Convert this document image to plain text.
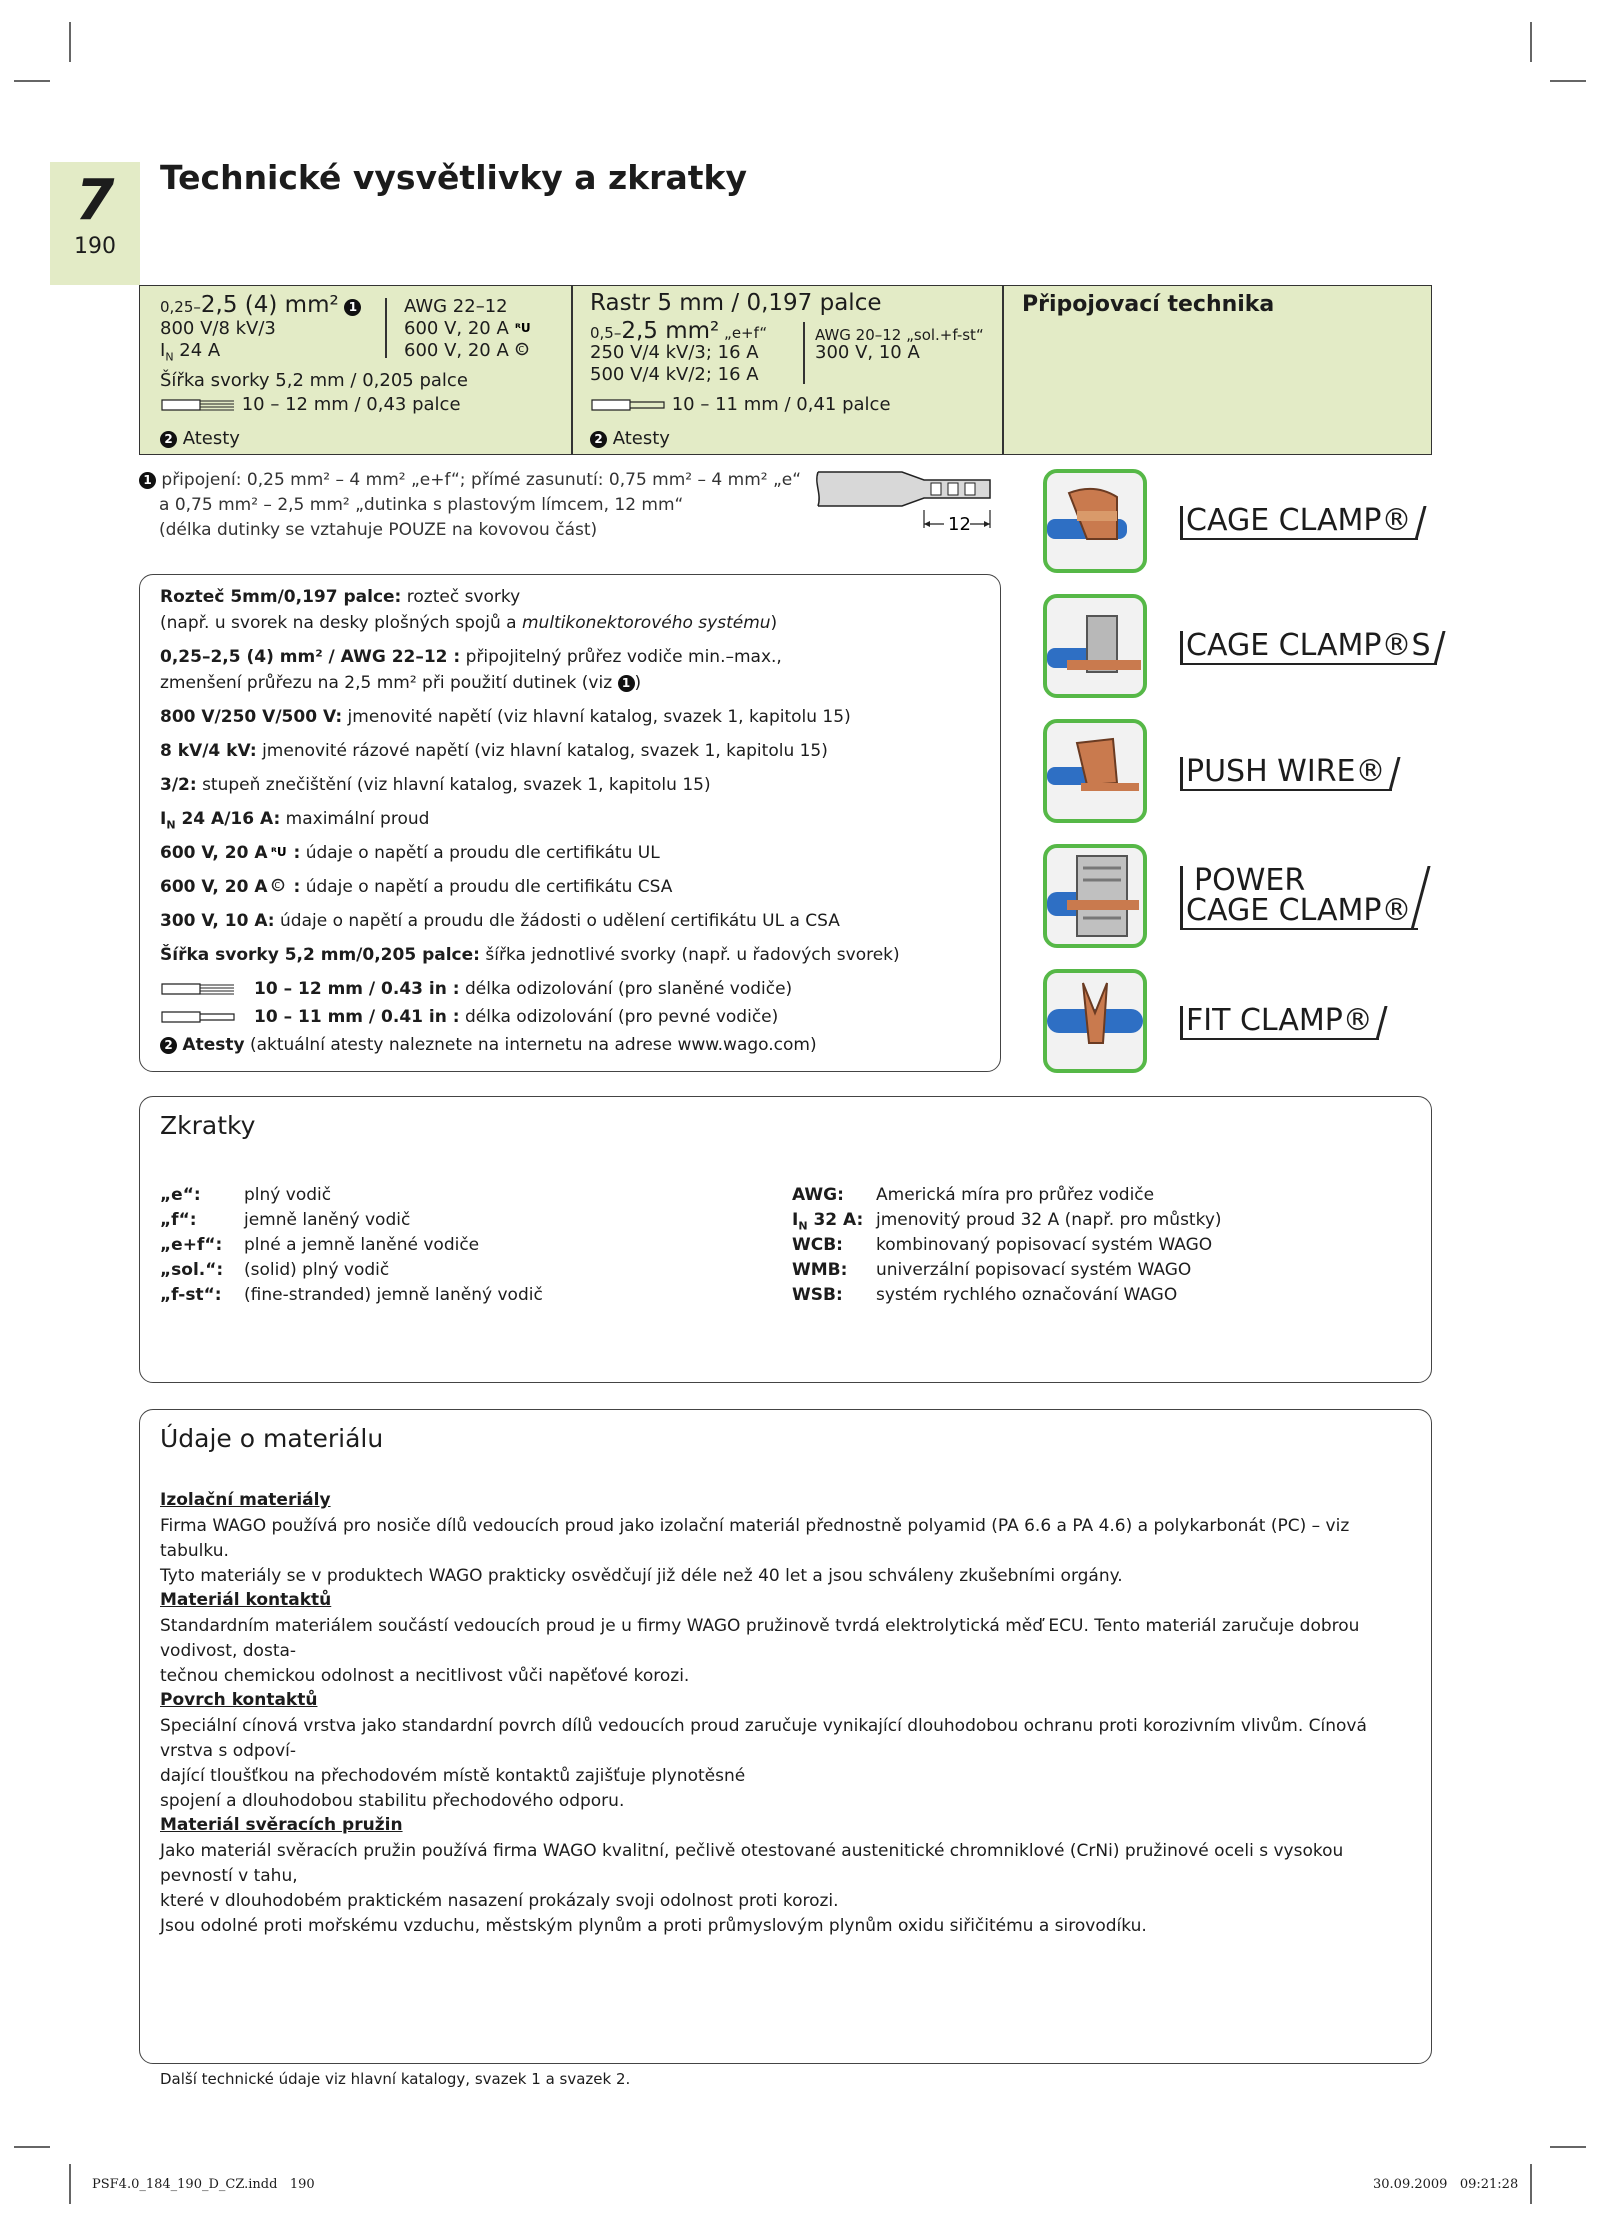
7
190
Technické vysvětlivky a zkratky
0,25–2,5 (4) mm² 1
800 V/8 kV/3
$I_N$ 24 A
AWG 22–12
600 V, 20 A ᴿU
600 V, 20 A C
Šířka svorky 5,2 mm / 0,205 palce
10 – 12 mm / 0,43 palce
2 Atesty
Rastr 5 mm / 0,197 palce
0,5–2,5 mm² „e+f“
250 V/4 kV/3; 16 A
500 V/4 kV/2; 16 A
AWG 20–12 „sol.+f-st“
300 V, 10 A
10 – 11 mm / 0,41 palce
2 Atesty
Připojovací technika
1 připojení: 0,25 mm² – 4 mm² „e+f“; přímé zasunutí: 0,75 mm² – 4 mm² „e“
a 0,75 mm² – 2,5 mm² „dutinka s plastovým límcem, 12 mm“
(délka dutinky se vztahuje POUZE na kovovou část)	12
Rozteč 5mm/0,197 palce: rozteč svorky
(např. u svorek na desky plošných spojů a multikonektorového systému)
0,25–2,5 (4) mm² / AWG 22–12 : připojitelný průřez vodiče min.–max.,
zmenšení průřezu na 2,5 mm² při použití dutinek (viz 1 )
800 V/250 V/500 V: jmenovité napětí (viz hlavní katalog, svazek 1, kapitolu 15)
8 kV/4 kV: jmenovité rázové napětí (viz hlavní katalog, svazek 1, kapitolu 15)
3/2: stupeň znečištění (viz hlavní katalog, svazek 1, kapitolu 15)
$I_N$ 24 A/16 A: maximální proud
600 V, 20 A ᴿU : údaje o napětí a proudu dle certifikátu UL
600 V, 20 A C : údaje o napětí a proudu dle certifikátu CSA
300 V, 10 A: údaje o napětí a proudu dle žádosti o udělení certifikátu UL a CSA
Šířka svorky 5,2 mm/0,205 palce: šířka jednotlivé svorky (např. u řadových svorek)
10 – 12 mm / 0.43 in : délka odizolování (pro slaněné vodiče)
10 – 11 mm / 0.41 in : délka odizolování (pro pevné vodiče)
2 Atesty (aktuální atesty naleznete na internetu na adrese www.wago.com)
CAGE CLAMP®
CAGE CLAMP®S
PUSH WIRE®
POWER
CAGE CLAMP®
FIT CLAMP®
Zkratky
„e“:	plný vodič
„f“:	jemně laněný vodič
„e+f“: plné a jemně laněné vodiče
„sol.“: (solid) plný vodič
„f-st“: (fine-stranded) jemně laněný vodič
AWG: Americká míra pro průřez vodiče
$I_N$ 32 A: jmenovitý proud 32 A (např. pro můstky)
WCB: kombinovaný popisovací systém WAGO
WMB: univerzální popisovací systém WAGO
WSB: systém rychlého označování WAGO
Údaje o materiálu
Izolační materiály
Firma WAGO používá pro nosiče dílů vedoucích proud jako izolační materiál přednostně polyamid (PA 6.6 a PA 4.6) a polykarbonát (PC) – viz tabulku.
Tyto materiály se v produktech WAGO prakticky osvědčují již déle než 40 let a jsou schváleny zkušebními orgány.
Materiál kontaktů
Standardním materiálem součástí vedoucích proud je u firmy WAGO pružinově tvrdá elektrolytická měď ECU. Tento materiál zaručuje dobrou vodivost, dosta-
tečnou chemickou odolnost a necitlivost vůči napěťové korozi.
Povrch kontaktů
Speciální cínová vrstva jako standardní povrch dílů vedoucích proud zaručuje vynikající dlouhodobou ochranu proti korozivním vlivům. Cínová vrstva s odpoví-
dající tloušťkou na přechodovém místě kontaktů zajišťuje plynotěsné
spojení a dlouhodobou stabilitu přechodového odporu.
Materiál svěracích pružin
Jako materiál svěracích pružin používá firma WAGO kvalitní, pečlivě otestované austenitické chromniklové (CrNi) pružinové oceli s vysokou pevností v tahu,
které v dlouhodobém praktickém nasazení prokázaly svoji odolnost proti korozi.
Jsou odolné proti mořskému vzduchu, městským plynům a proti průmyslovým plynům oxidu siřičitému a sirovodíku.
Další technické údaje viz hlavní katalogy, svazek 1 a svazek 2.
PSF4.0_184_190_D_CZ.indd   190	30.09.2009   09:21:28
